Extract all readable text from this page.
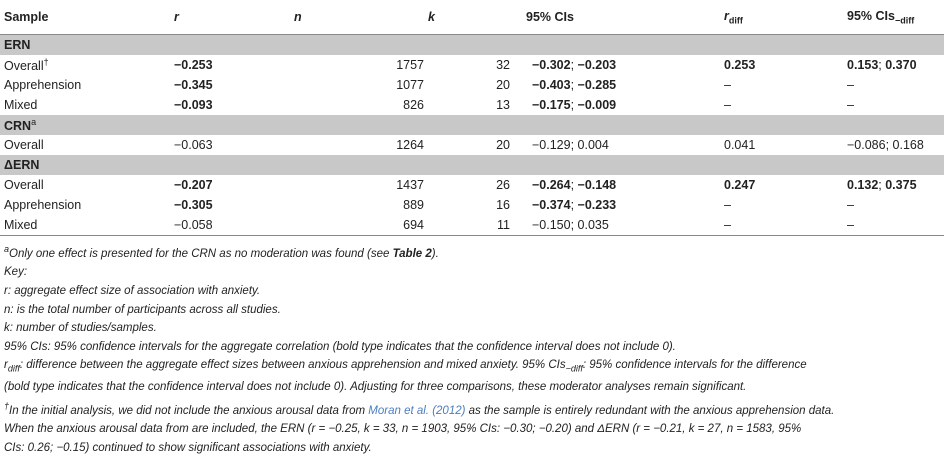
Sample	r	n	k	95% CIs	$r_{diff}$	95% CIs$_{-diff}$
ERN						
Overall†	−0.253	1757	32	−0.302; −0.203	0.253	0.153; 0.370
Apprehension	−0.345	1077	20	−0.403; −0.285	–	–
Mixed	−0.093	826	13	−0.175; −0.009	–	–
CRN$^a$
Overall	−0.063	1264	20	−0.129; 0.004	0.041	−0.086; 0.168
ΔERN						
Overall	−0.207	1437	26	−0.264; −0.148	0.247	0.132; 0.375
Apprehension	−0.305	889	16	−0.374; −0.233	–	–
Mixed	−0.058	694	11	−0.150; 0.035	–	–

$^a$Only one effect is presented for the CRN as no moderation was found (see Table 2).

Key:

r: aggregate effect size of association with anxiety.

n: is the total number of participants across all studies.

k: number of studies/samples.

95% CIs: 95% confidence intervals for the aggregate correlation (bold type indicates that the confidence interval does not include 0).

$r_{diff}$: difference between the aggregate effect sizes between anxious apprehension and mixed anxiety. 95% CIs$_{-diff}$: 95% confidence intervals for the difference

(bold type indicates that the confidence interval does not include 0). Adjusting for three comparisons, these moderator analyses remain significant.

†In the initial analysis, we did not include the anxious arousal data from Moran et al. (2012) as the sample is entirely redundant with the anxious apprehension data.

When the anxious arousal data from are included, the ERN (r = −0.25, k = 33, n = 1903, 95% CIs: −0.30; −0.20) and ΔERN (r = −0.21, k = 27, n = 1583, 95%

CIs: 0.26; −0.15) continued to show significant associations with anxiety.
